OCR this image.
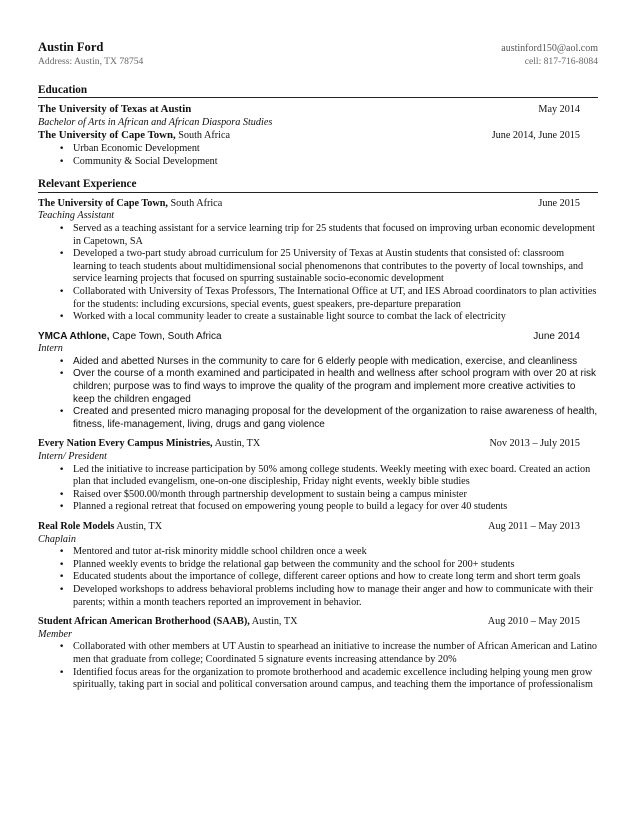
Austin Ford	austinford150@aol.com
Address: Austin, TX 78754	cell: 817-716-8084
Education
The University of Texas at Austin	May 2014
Bachelor of Arts in African and African Diaspora Studies
The University of Cape Town, South Africa	June 2014, June 2015
• Urban Economic Development
• Community & Social Development
Relevant Experience
The University of Cape Town, South Africa	June 2015
Teaching Assistant
• Served as a teaching assistant for a service learning trip for 25 students that focused on improving urban economic development in Capetown, SA
• Developed a two-part study abroad curriculum for 25 University of Texas at Austin students that consisted of: classroom learning to teach students about multidimensional social phenomenons that contributes to the poverty of local townships, and service learning projects that focused on spurring sustainable socio-economic development
• Collaborated with University of Texas Professors, The International Office at UT, and IES Abroad coordinators to plan activities for the students: including excursions, special events, guest speakers, pre-departure preparation
• Worked with a local community leader to create a sustainable light source to combat the lack of electricity
YMCA Athlone, Cape Town, South Africa	June 2014
Intern
• Aided and abetted Nurses in the community to care for 6 elderly people with medication, exercise, and cleanliness
• Over the course of a month examined and participated in health and wellness after school program with over 20 at risk children; purpose was to find ways to improve the quality of the program and implement more creative activities to keep the children engaged
• Created and presented micro managing proposal for the development of the organization to raise awareness of health, fitness, life-management, living, drugs and gang violence
Every Nation Every Campus Ministries, Austin, TX	Nov 2013 – July 2015
Intern/ President
• Led the initiative to increase participation by 50% among college students. Weekly meeting with exec board. Created an action plan that included evangelism, one-on-one discipleship, Friday night events, weekly bible studies
• Raised over $500.00/month through partnership development to sustain being a campus minister
• Planned a regional retreat that focused on empowering young people to build a legacy for over 40 students
Real Role Models Austin, TX	Aug 2011 – May 2013
Chaplain
• Mentored and tutor at-risk minority middle school children once a week
• Planned weekly events to bridge the relational gap between the community and the school for 200+ students
• Educated students about the importance of college, different career options and how to create long term and short term goals
• Developed workshops to address behavioral problems including how to manage their anger and how to communicate with their parents; within a month teachers reported an improvement in behavior.
Student African American Brotherhood (SAAB), Austin, TX	Aug 2010 – May 2015
Member
• Collaborated with other members at UT Austin to spearhead an initiative to increase the number of African American and Latino men that graduate from college; Coordinated 5 signature events increasing attendance by 20%
• Identified focus areas for the organization to promote brotherhood and academic excellence including helping young men grow spiritually, taking part in social and political conversation around campus, and teaching them the importance of professionalism
